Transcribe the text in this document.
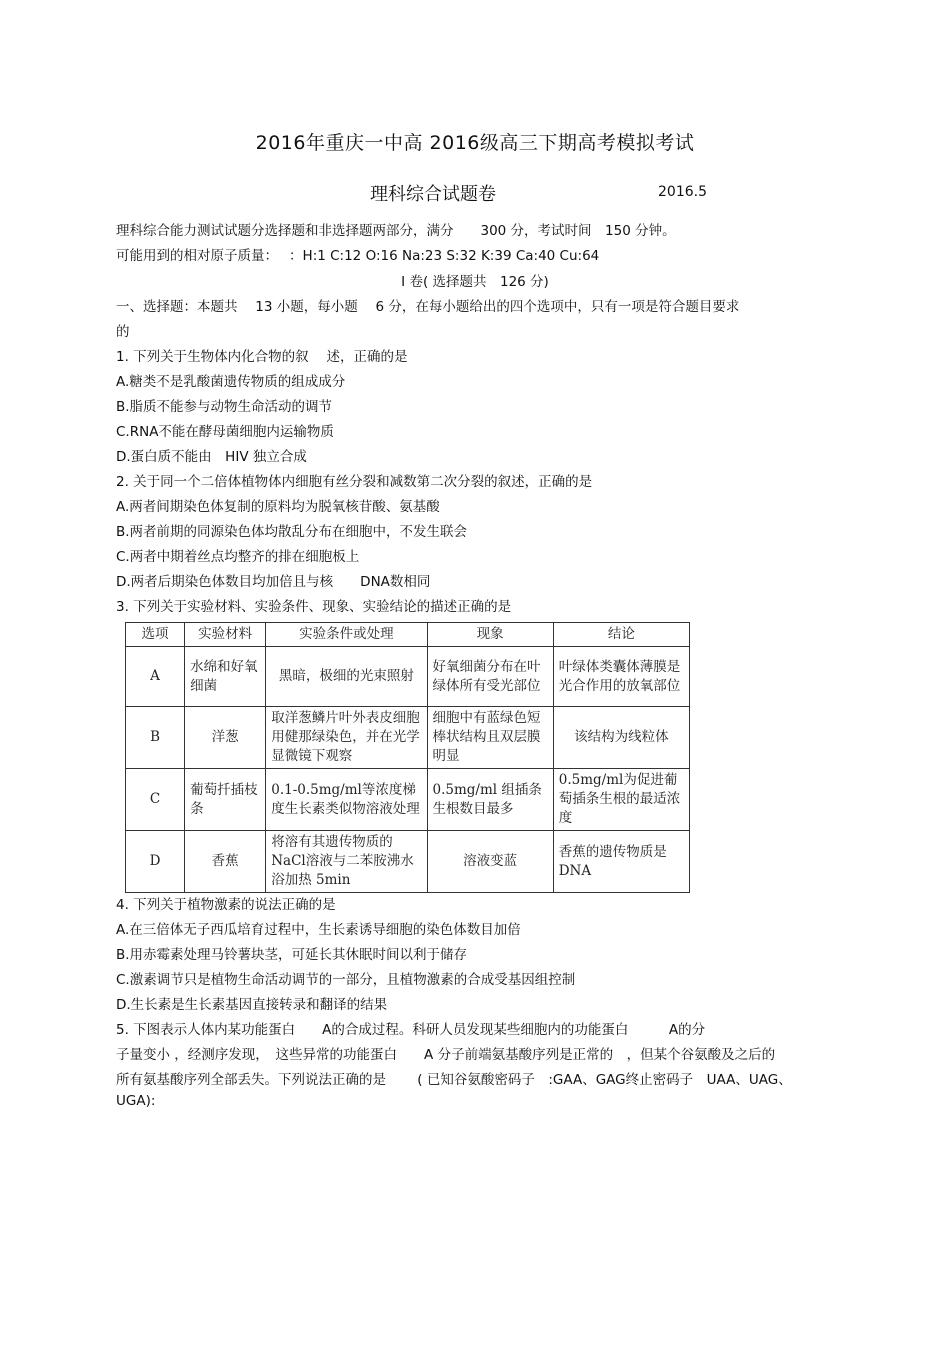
2016年重庆一中高 2016级高三下期高考模拟考试
理科综合试题卷	2016.5
理科综合能力测试试题分选择题和非选择题两部分，满分　　300 分，考试时间　150 分钟。
可能用到的相对原子质量：　 ：H:1 C:12 O:16 Na:23 S:32 K:39 Ca:40 Cu:64
Ⅰ 卷( 选择题共　126 分)
一、选择题：本题共　 13 小题，每小题　 6 分，在每小题给出的四个选项中，只有一项是符合题目要求
的
1. 下列关于生物体内化合物的叙　 述，正确的是
A.糖类不是乳酸菌遗传物质的组成成分
B.脂质不能参与动物生命活动的调节
C.RNA不能在酵母菌细胞内运输物质
D.蛋白质不能由　HIV 独立合成
2. 关于同一个二倍体植物体内细胞有丝分裂和减数第二次分裂的叙述，正确的是
A.两者间期染色体复制的原料均为脱氧核苷酸、氨基酸
B.两者前期的同源染色体均散乱分布在细胞中，不发生联会
C.两者中期着丝点均整齐的排在细胞板上
D.两者后期染色体数目均加倍且与核　　DNA数相同
3. 下列关于实验材料、实验条件、现象、实验结论的描述正确的是
选项	实验材料	实验条件或处理	现象	结论
A	水绵和好氧细菌	黑暗，极细的光束照射	好氧细菌分布在叶绿体所有受光部位	叶绿体类囊体薄膜是光合作用的放氧部位
B	洋葱	取洋葱鳞片叶外表皮细胞用健那绿染色，并在光学显微镜下观察	细胞中有蓝绿色短棒状结构且双层膜明显	该结构为线粒体
C	葡萄扦插枝条	0.1-0.5mg/ml等浓度梯度生长素类似物溶液处理	0.5mg/ml 组插条生根数目最多	0.5mg/ml为促进葡萄插条生根的最适浓度
D	香蕉	将溶有其遗传物质的NaCl溶液与二苯胺沸水浴加热 5min	溶液变蓝	香蕉的遗传物质是DNA
4. 下列关于植物激素的说法正确的是
A.在三倍体无子西瓜培育过程中，生长素诱导细胞的染色体数目加倍
B.用赤霉素处理马铃薯块茎，可延长其休眠时间以利于储存
C.激素调节只是植物生命活动调节的一部分，且植物激素的合成受基因组控制
D.生长素是生长素基因直接转录和翻译的结果
5. 下图表示人体内某功能蛋白　　A的合成过程。科研人员发现某些细胞内的功能蛋白　　　A的分
子量变小 ，经测序发现，　这些异常的功能蛋白　　A 分子前端氨基酸序列是正常的　，但某个谷氨酸及之后的
所有氨基酸序列全部丢失。下列说法正确的是　　 ( 已知谷氨酸密码子　:GAA、GAG终止密码子　UAA、UAG、
UGA):
